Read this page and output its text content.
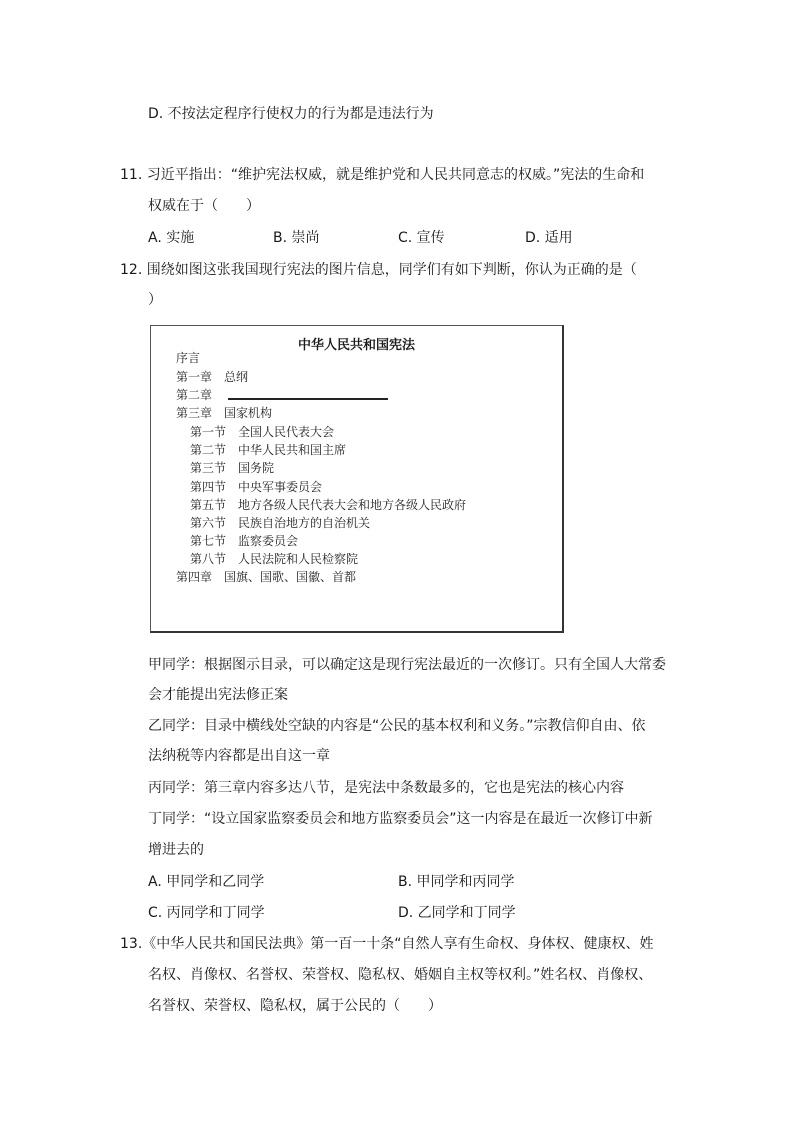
D. 不按法定程序行使权力的行为都是违法行为
11. 习近平指出：“维护宪法权威，就是维护党和人民共同意志的权威。”宪法的生命和
权威在于（　　）
A. 实施	B. 崇尚	C. 宣传	D. 适用
12. 围绕如图这张我国现行宪法的图片信息，同学们有如下判断，你认为正确的是（
）
中华人民共和国宪法
序言
第一章 总纲
第二章
第三章 国家机构
第一节 全国人民代表大会
第二节 中华人民共和国主席
第三节 国务院
第四节 中央军事委员会
第五节 地方各级人民代表大会和地方各级人民政府
第六节 民族自治地方的自治机关
第七节 监察委员会
第八节 人民法院和人民检察院
第四章 国旗、国歌、国徽、首都
甲同学：根据图示目录，可以确定这是现行宪法最近的一次修订。只有全国人大常委
会才能提出宪法修正案
乙同学：目录中横线处空缺的内容是“公民的基本权利和义务。”宗教信仰自由、依
法纳税等内容都是出自这一章
丙同学：第三章内容多达八节，是宪法中条数最多的，它也是宪法的核心内容
丁同学：“设立国家监察委员会和地方监察委员会”这一内容是在最近一次修订中新
增进去的
A. 甲同学和乙同学	B. 甲同学和丙同学
C. 丙同学和丁同学	D. 乙同学和丁同学
13.《中华人民共和国民法典》第一百一十条“自然人享有生命权、身体权、健康权、姓
名权、肖像权、名誉权、荣誉权、隐私权、婚姻自主权等权利。”姓名权、肖像权、
名誉权、荣誉权、隐私权，属于公民的（　　）
